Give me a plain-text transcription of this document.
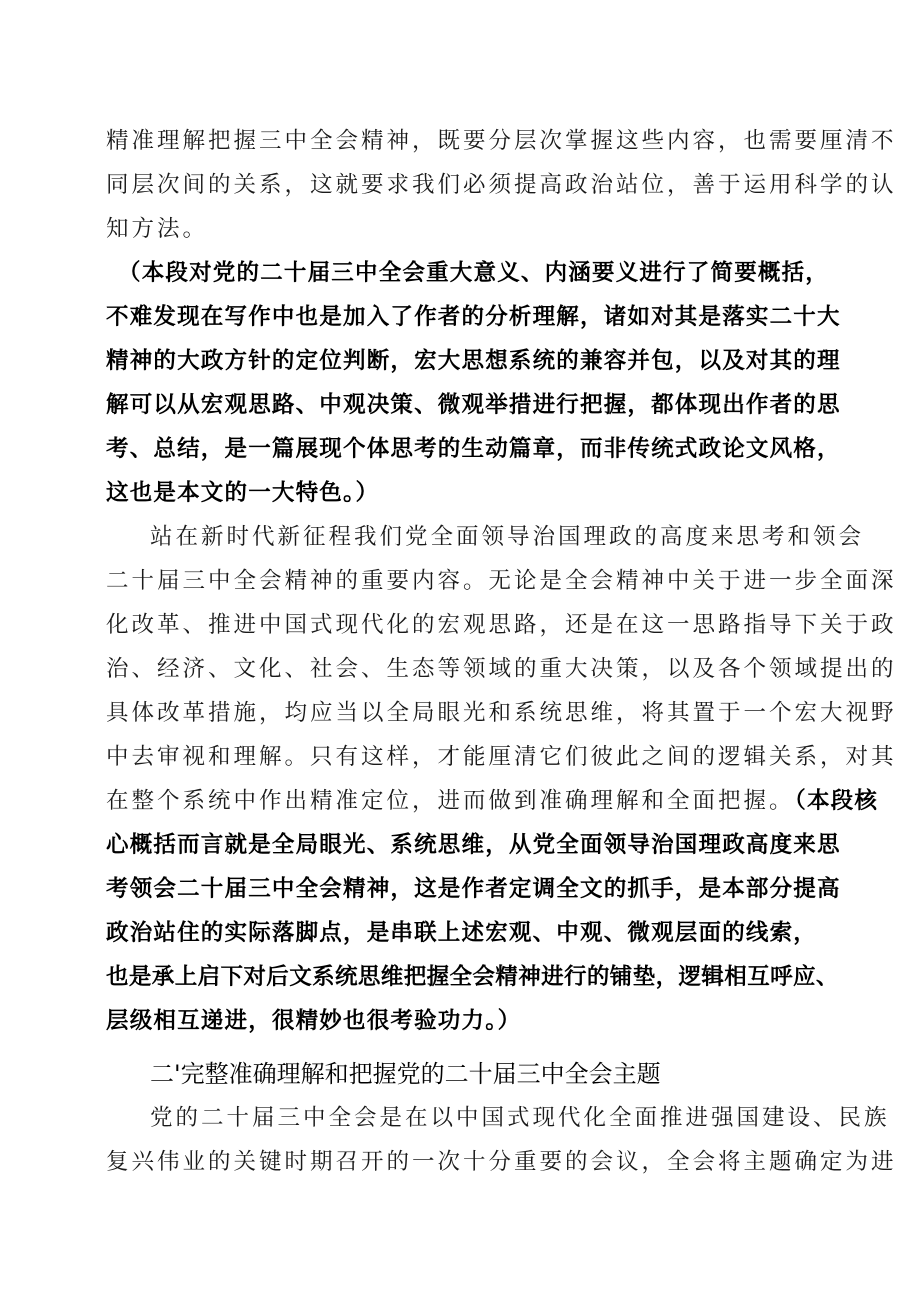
精准理解把握三中全会精神，既要分层次掌握这些内容，也需要厘清不
同层次间的关系，这就要求我们必须提高政治站位，善于运用科学的认
知方法。
（本段对党的二十届三中全会重大意义、内涵要义进行了简要概括，
不难发现在写作中也是加入了作者的分析理解，诸如对其是落实二十大
精神的大政方针的定位判断，宏大思想系统的兼容并包，以及对其的理
解可以从宏观思路、中观决策、微观举措进行把握，都体现出作者的思
考、总结，是一篇展现个体思考的生动篇章，而非传统式政论文风格，
这也是本文的一大特色。）
站在新时代新征程我们党全面领导治国理政的高度来思考和领会
二十届三中全会精神的重要内容。无论是全会精神中关于进一步全面深
化改革、推进中国式现代化的宏观思路，还是在这一思路指导下关于政
治、经济、文化、社会、生态等领域的重大决策，以及各个领域提出的
具体改革措施，均应当以全局眼光和系统思维，将其置于一个宏大视野
中去审视和理解。只有这样，才能厘清它们彼此之间的逻辑关系，对其
在整个系统中作出精准定位，进而做到准确理解和全面把握。（本段核
心概括而言就是全局眼光、系统思维，从党全面领导治国理政高度来思
考领会二十届三中全会精神，这是作者定调全文的抓手，是本部分提高
政治站住的实际落脚点，是串联上述宏观、中观、微观层面的线索，
也是承上启下对后文系统思维把握全会精神进行的铺垫，逻辑相互呼应、
层级相互递进，很精妙也很考验功力。）
二'完整准确理解和把握党的二十届三中全会主题
党的二十届三中全会是在以中国式现代化全面推进强国建设、民族
复兴伟业的关键时期召开的一次十分重要的会议，全会将主题确定为进
